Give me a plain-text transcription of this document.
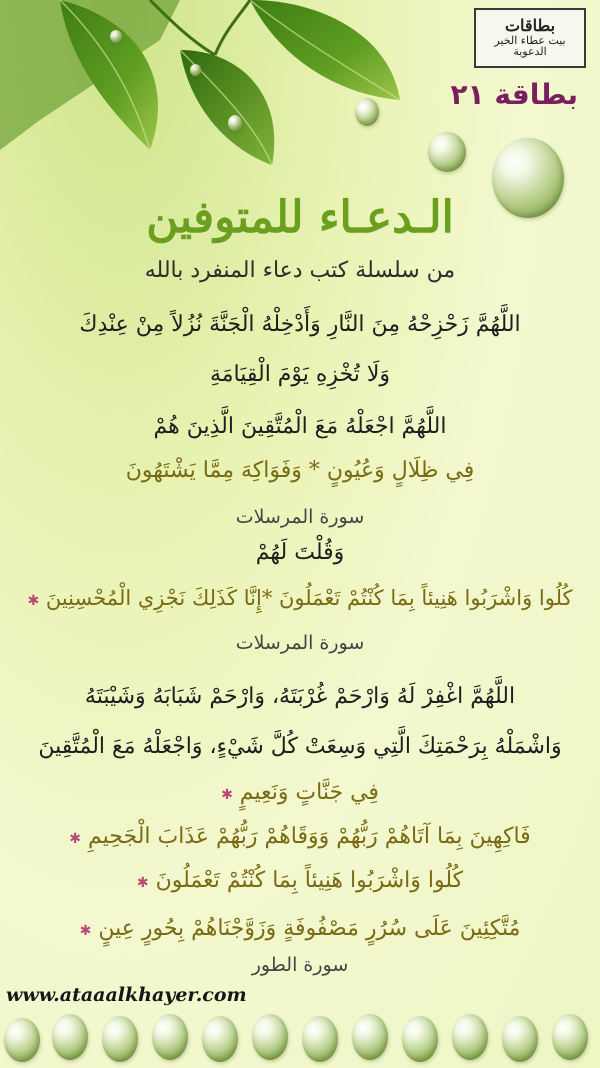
بطاقات
بيت عطاء الخير
الدعوية
بطاقة ٢١
الـدعـاء للمتوفين
من سلسلة كتب دعاء المنفرد بالله
اللَّهُمَّ زَحْزِحْهُ مِنَ النَّارِ وَأَدْخِلْهُ الْجَنَّةَ نُزُلاً مِنْ عِنْدِكَ
وَلَا تُخْزِهِ يَوْمَ الْقِيَامَةِ
اللَّهُمَّ اجْعَلْهُ مَعَ الْمُتَّقِينَ الَّذِينَ هُمْ
فِي ظِلَالٍ وَعُيُونٍ * وَفَوَاكِهَ مِمَّا يَشْتَهُونَ
سورة المرسلات
وَقُلْتَ لَهُمْ
كُلُوا وَاشْرَبُوا هَنِيئاً بِمَا كُنْتُمْ تَعْمَلُونَ *إِنَّا كَذَلِكَ نَجْزِي الْمُحْسِنِينَ ✱
سورة المرسلات
اللَّهُمَّ اغْفِرْ لَهُ وَارْحَمْ غُرْبَتَهُ، وَارْحَمْ شَبَابَهُ وَشَيْبَتَهُ
وَاشْمَلْهُ بِرَحْمَتِكَ الَّتِي وَسِعَتْ كُلَّ شَيْءٍ، وَاجْعَلْهُ مَعَ الْمُتَّقِينَ
فِي جَنَّاتٍ وَنَعِيمٍ ✱
فَاكِهِينَ بِمَا آتَاهُمْ رَبُّهُمْ وَوَقَاهُمْ رَبُّهُمْ عَذَابَ الْجَحِيمِ ✱
كُلُوا وَاشْرَبُوا هَنِيئاً بِمَا كُنْتُمْ تَعْمَلُونَ ✱
مُتَّكِئِينَ عَلَى سُرُرٍ مَصْفُوفَةٍ وَزَوَّجْنَاهُمْ بِحُورٍ عِينٍ ✱
سورة الطور
www.ataaalkhayer.com
